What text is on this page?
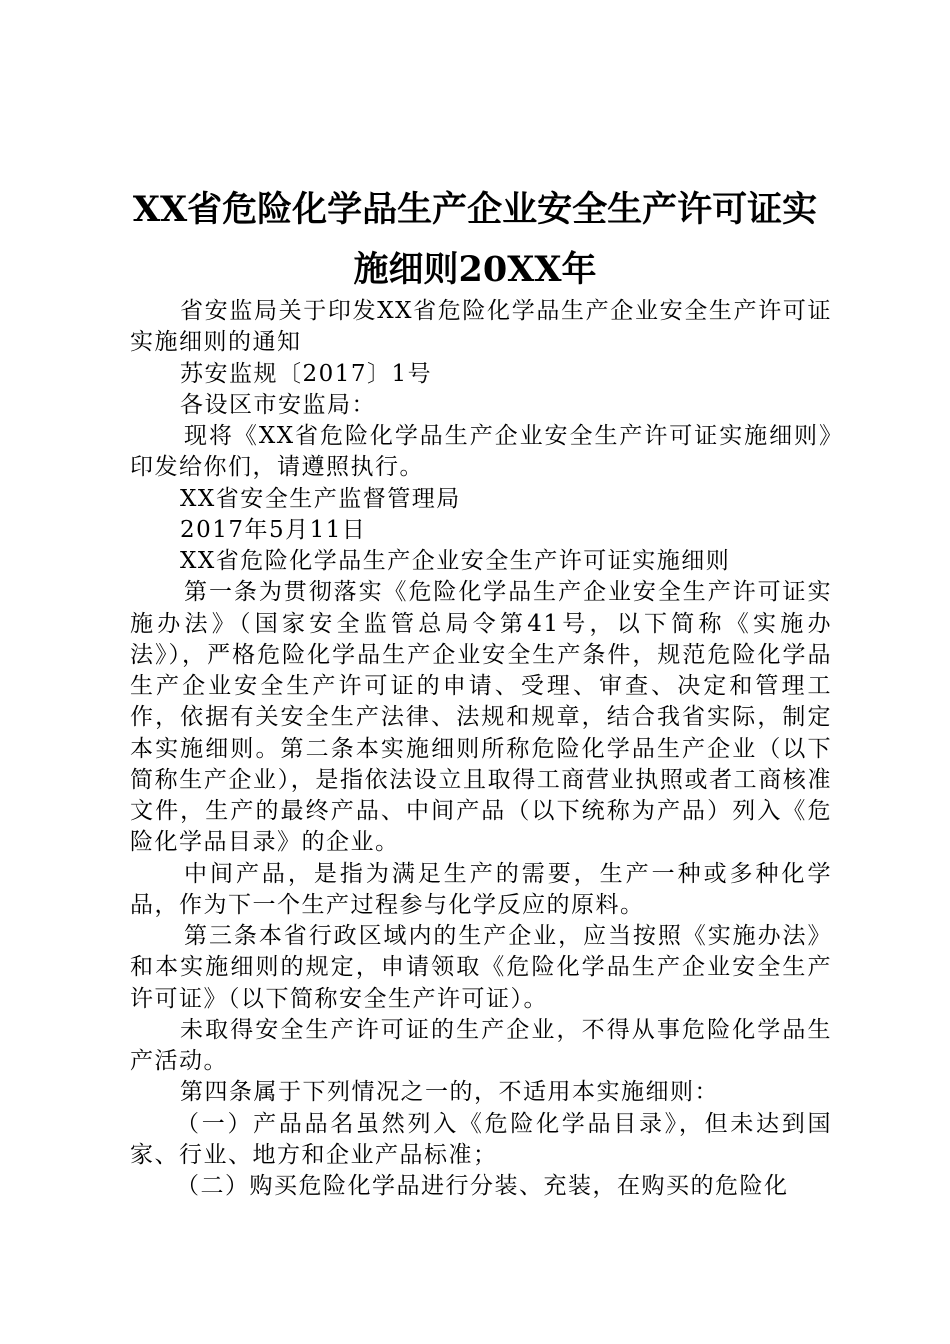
XX省危险化学品生产企业安全生产许可证实
施细则20XX年

省安监局关于印发XX省危险化学品生产企业安全生产许可证实施细则的通知

苏安监规〔2017〕1号

各设区市安监局：

现将《XX省危险化学品生产企业安全生产许可证实施细则》印发给你们，请遵照执行。

XX省安全生产监督管理局

2017年5月11日

XX省危险化学品生产企业安全生产许可证实施细则

第一条为贯彻落实《危险化学品生产企业安全生产许可证实施办法》（国家安全监管总局令第41号，以下简称《实施办法》），严格危险化学品生产企业安全生产条件，规范危险化学品生产企业安全生产许可证的申请、受理、审查、决定和管理工作，依据有关安全生产法律、法规和规章，结合我省实际，制定本实施细则。第二条本实施细则所称危险化学品生产企业（以下简称生产企业），是指依法设立且取得工商营业执照或者工商核准文件，生产的最终产品、中间产品（以下统称为产品）列入《危险化学品目录》的企业。

中间产品，是指为满足生产的需要，生产一种或多种化学品，作为下一个生产过程参与化学反应的原料。

第三条本省行政区域内的生产企业，应当按照《实施办法》和本实施细则的规定，申请领取《危险化学品生产企业安全生产许可证》（以下简称安全生产许可证）。

未取得安全生产许可证的生产企业，不得从事危险化学品生产活动。

第四条属于下列情况之一的，不适用本实施细则：

（一）产品品名虽然列入《危险化学品目录》，但未达到国家、行业、地方和企业产品标准；

（二）购买危险化学品进行分装、充装，在购买的危险化
